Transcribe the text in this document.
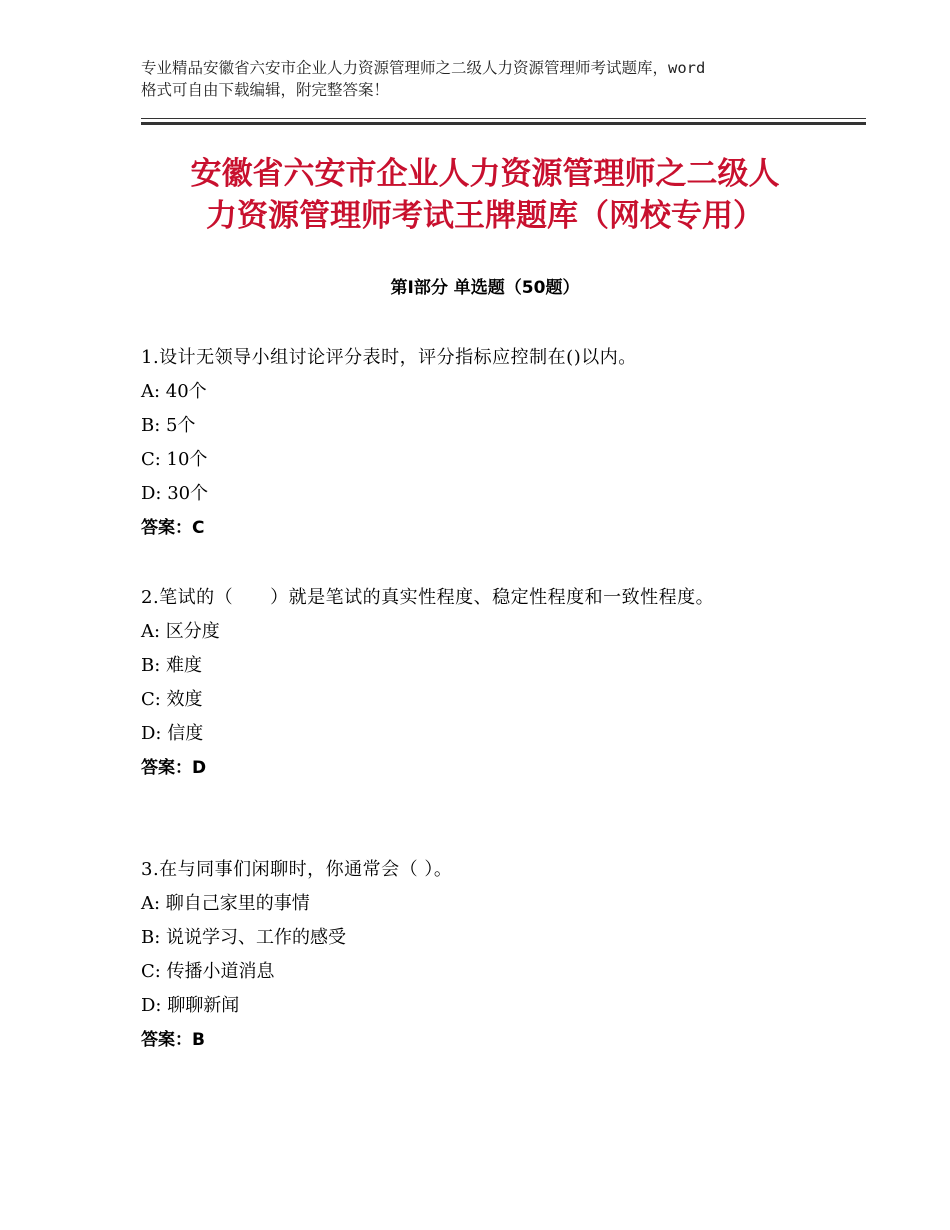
专业精品安徽省六安市企业人力资源管理师之二级人力资源管理师考试题库，word
格式可自由下载编辑，附完整答案！
安徽省六安市企业人力资源管理师之二级人
力资源管理师考试王牌题库（网校专用）
第Ⅰ部分 单选题（50题）

1.设计无领导小组讨论评分表时，评分指标应控制在()以内。

A: 40个

B: 5个

C: 10个

D: 30个

答案：C

2.笔试的（　　）就是笔试的真实性程度、稳定性程度和一致性程度。

A: 区分度

B: 难度

C: 效度

D: 信度

答案：D

3.在与同事们闲聊时，你通常会（ ）。

A: 聊自己家里的事情

B: 说说学习、工作的感受

C: 传播小道消息

D: 聊聊新闻

答案：B
